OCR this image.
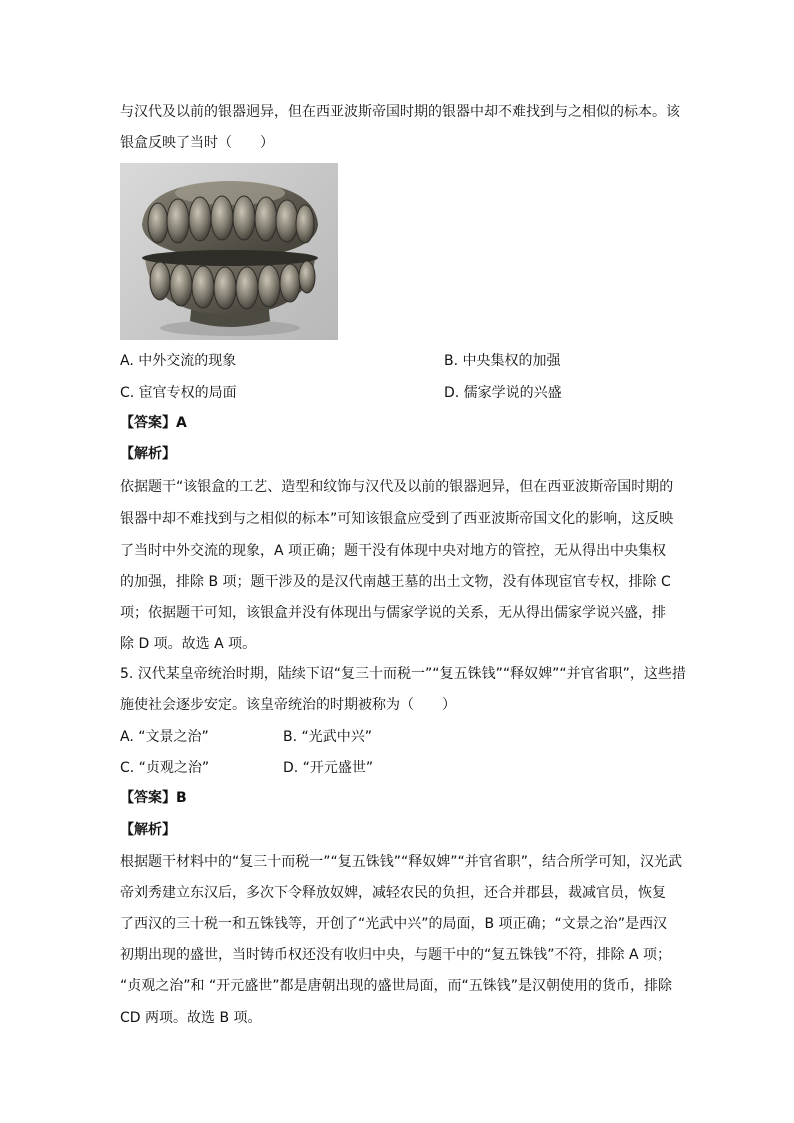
与汉代及以前的银器迥异，但在西亚波斯帝国时期的银器中却不难找到与之相似的标本。该
银盒反映了当时（　　）
A. 中外交流的现象	B. 中央集权的加强
C. 宦官专权的局面	D. 儒家学说的兴盛
【答案】A
【解析】
依据题干“该银盒的工艺、造型和纹饰与汉代及以前的银器迥异，但在西亚波斯帝国时期的
银器中却不难找到与之相似的标本”可知该银盒应受到了西亚波斯帝国文化的影响，这反映
了当时中外交流的现象，A 项正确；题干没有体现中央对地方的管控，无从得出中央集权
的加强，排除 B 项；题干涉及的是汉代南越王墓的出土文物，没有体现宦官专权，排除 C
项；依据题干可知，该银盒并没有体现出与儒家学说的关系，无从得出儒家学说兴盛，排
除 D 项。故选 A 项。
5. 汉代某皇帝统治时期，陆续下诏“复三十而税一”“复五铢钱”“释奴婢”“并官省职”，这些措
施使社会逐步安定。该皇帝统治的时期被称为（　　）
A. “文景之治”	B. “光武中兴”
C. “贞观之治”	D. “开元盛世”
【答案】B
【解析】
根据题干材料中的“复三十而税一”“复五铢钱”“释奴婢”“并官省职”，结合所学可知，汉光武
帝刘秀建立东汉后，多次下令释放奴婢，减轻农民的负担，还合并郡县，裁减官员，恢复
了西汉的三十税一和五铢钱等，开创了“光武中兴”的局面，B 项正确；“文景之治”是西汉
初期出现的盛世，当时铸币权还没有收归中央，与题干中的“复五铢钱”不符，排除 A 项；
“贞观之治”和 “开元盛世”都是唐朝出现的盛世局面，而“五铢钱”是汉朝使用的货币，排除
CD 两项。故选 B 项。
